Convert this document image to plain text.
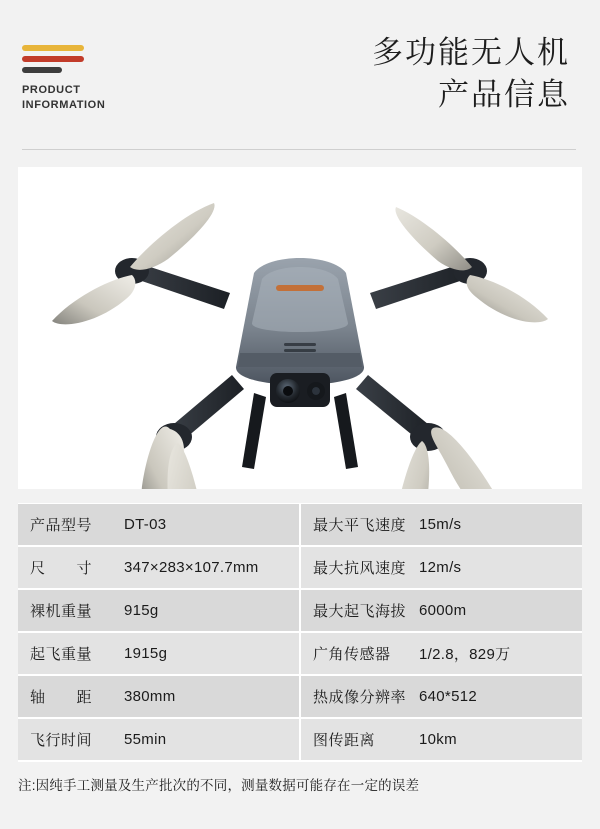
PRODUCT
INFORMATION
多功能无人机
产品信息
产品型号	DT-03	最大平飞速度 15m/s
尺　　寸	347×283×107.7mm	最大抗风速度 12m/s
裸机重量	915g	最大起飞海拔 6000m
起飞重量	1915g	广角传感器	1/2.8，829万
轴　　距	380mm	热成像分辨率 640*512
飞行时间	55min	图传距离	10km
注:因纯手工测量及生产批次的不同，测量数据可能存在一定的误差
